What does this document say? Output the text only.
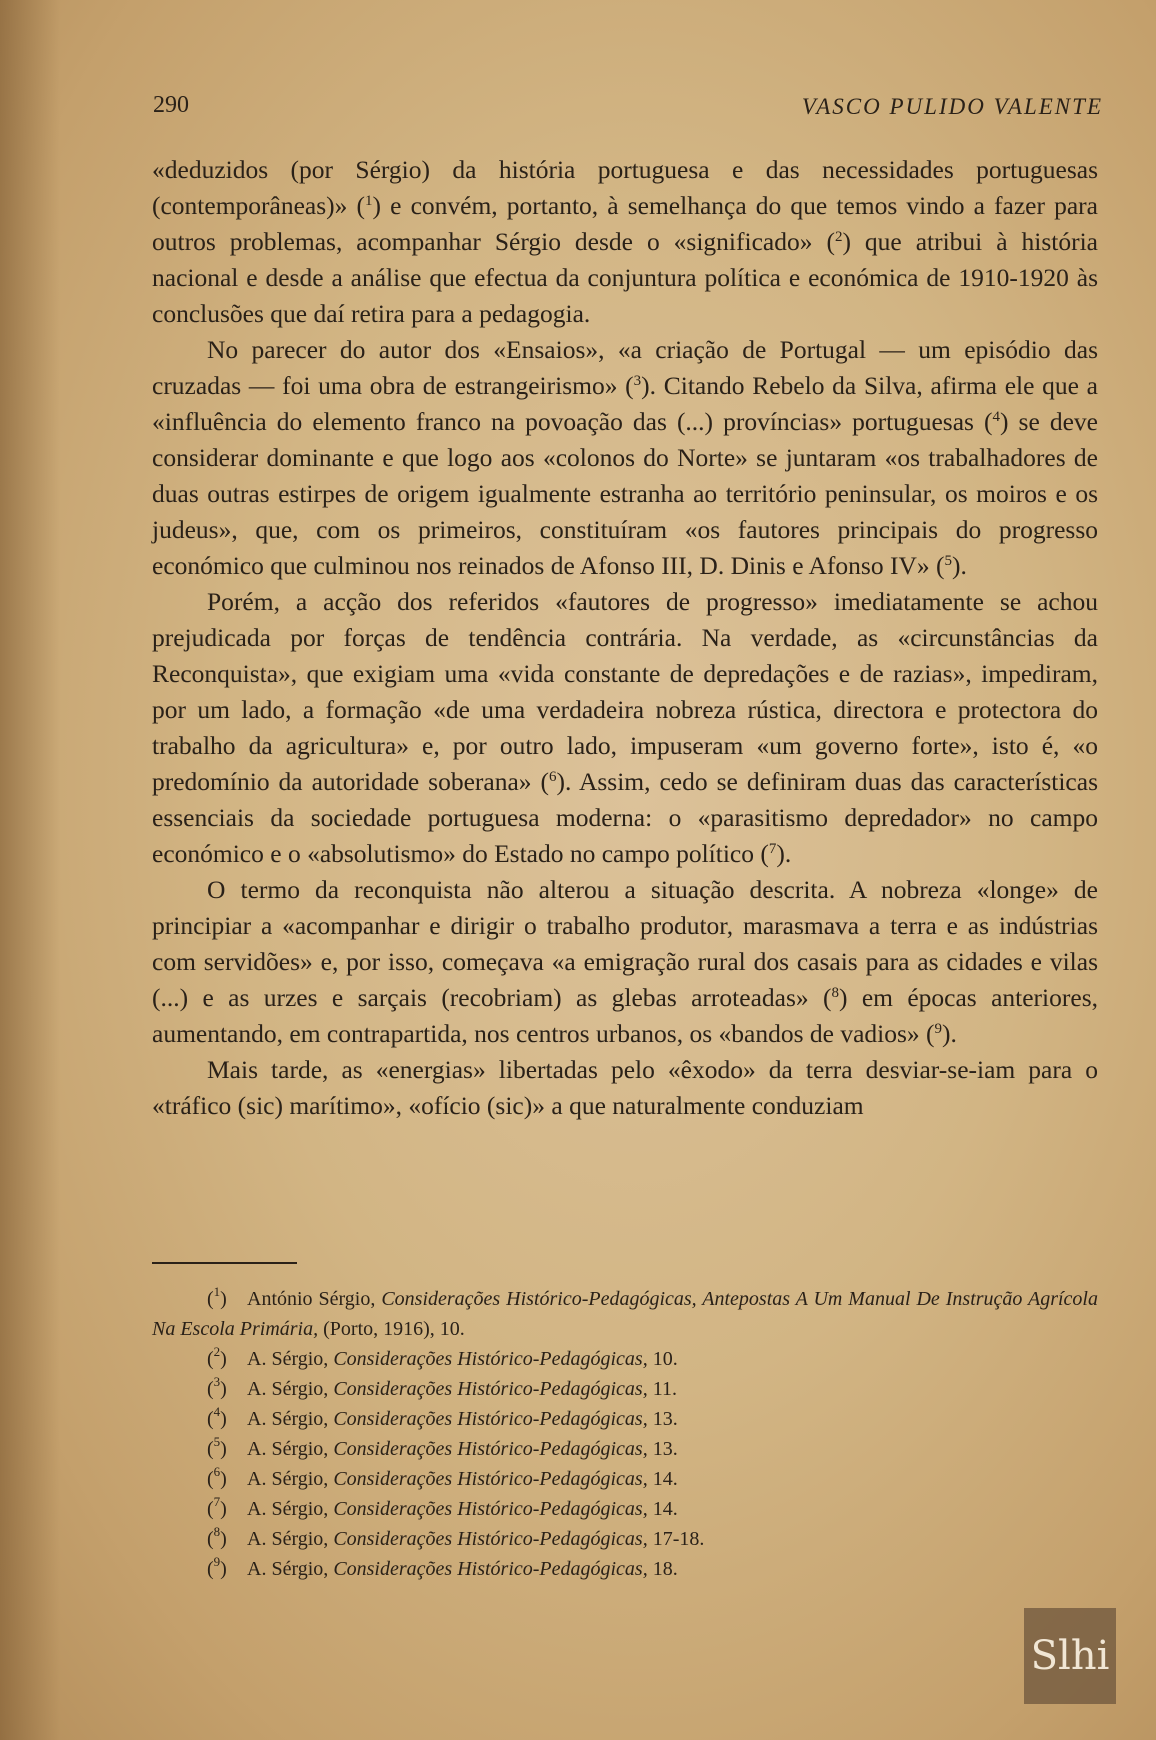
290	VASCO PULIDO VALENTE

«deduzidos (por Sérgio) da história portuguesa e das necessidades portuguesas (contemporâneas)» ($^1$) e convém, portanto, à semelhança do que temos vindo a fazer para outros problemas, acompanhar Sérgio desde o «significado» ($^2$) que atribui à história nacional e desde a análise que efectua da conjuntura política e económica de 1910-1920 às conclusões que daí retira para a pedagogia.

No parecer do autor dos «Ensaios», «a criação de Portugal — um episódio das cruzadas — foi uma obra de estrangeirismo» ($^3$). Citando Rebelo da Silva, afirma ele que a «influência do elemento franco na povoação das (...) províncias» portuguesas ($^4$) se deve considerar dominante e que logo aos «colonos do Norte» se juntaram «os trabalhadores de duas outras estirpes de origem igualmente estranha ao território peninsular, os moiros e os judeus», que, com os primeiros, constituíram «os fautores principais do progresso económico que culminou nos reinados de Afonso III, D. Dinis e Afonso IV» ($^5$).

Porém, a acção dos referidos «fautores de progresso» imediatamente se achou prejudicada por forças de tendência contrária. Na verdade, as «circunstâncias da Reconquista», que exigiam uma «vida constante de depredações e de razias», impediram, por um lado, a formação «de uma verdadeira nobreza rústica, directora e protectora do trabalho da agricultura» e, por outro lado, impuseram «um governo forte», isto é, «o predomínio da autoridade soberana» ($^6$). Assim, cedo se definiram duas das características essenciais da sociedade portuguesa moderna: o «parasitismo depredador» no campo económico e o «absolutismo» do Estado no campo político ($^7$).

O termo da reconquista não alterou a situação descrita. A nobreza «longe» de principiar a «acompanhar e dirigir o trabalho produtor, marasmava a terra e as indústrias com servidões» e, por isso, começava «a emigração rural dos casais para as cidades e vilas (...) e as urzes e sarçais (recobriam) as glebas arroteadas» ($^8$) em épocas anteriores, aumentando, em contrapartida, nos centros urbanos, os «bandos de vadios» ($^9$).

Mais tarde, as «energias» libertadas pelo «êxodo» da terra desviar-se-iam para o «tráfico (sic) marítimo», «ofício (sic)» a que naturalmente conduziam

($^1$) António Sérgio, Considerações Histórico-Pedagógicas, Antepostas A Um Manual De Instrução Agrícola Na Escola Primária, (Porto, 1916), 10.

($^2$) A. Sérgio, Considerações Histórico-Pedagógicas, 10.

($^3$) A. Sérgio, Considerações Histórico-Pedagógicas, 11.

($^4$) A. Sérgio, Considerações Histórico-Pedagógicas, 13.

($^5$) A. Sérgio, Considerações Histórico-Pedagógicas, 13.

($^6$) A. Sérgio, Considerações Histórico-Pedagógicas, 14.

($^7$) A. Sérgio, Considerações Histórico-Pedagógicas, 14.

($^8$) A. Sérgio, Considerações Histórico-Pedagógicas, 17-18.

($^9$) A. Sérgio, Considerações Histórico-Pedagógicas, 18.

Slhi
